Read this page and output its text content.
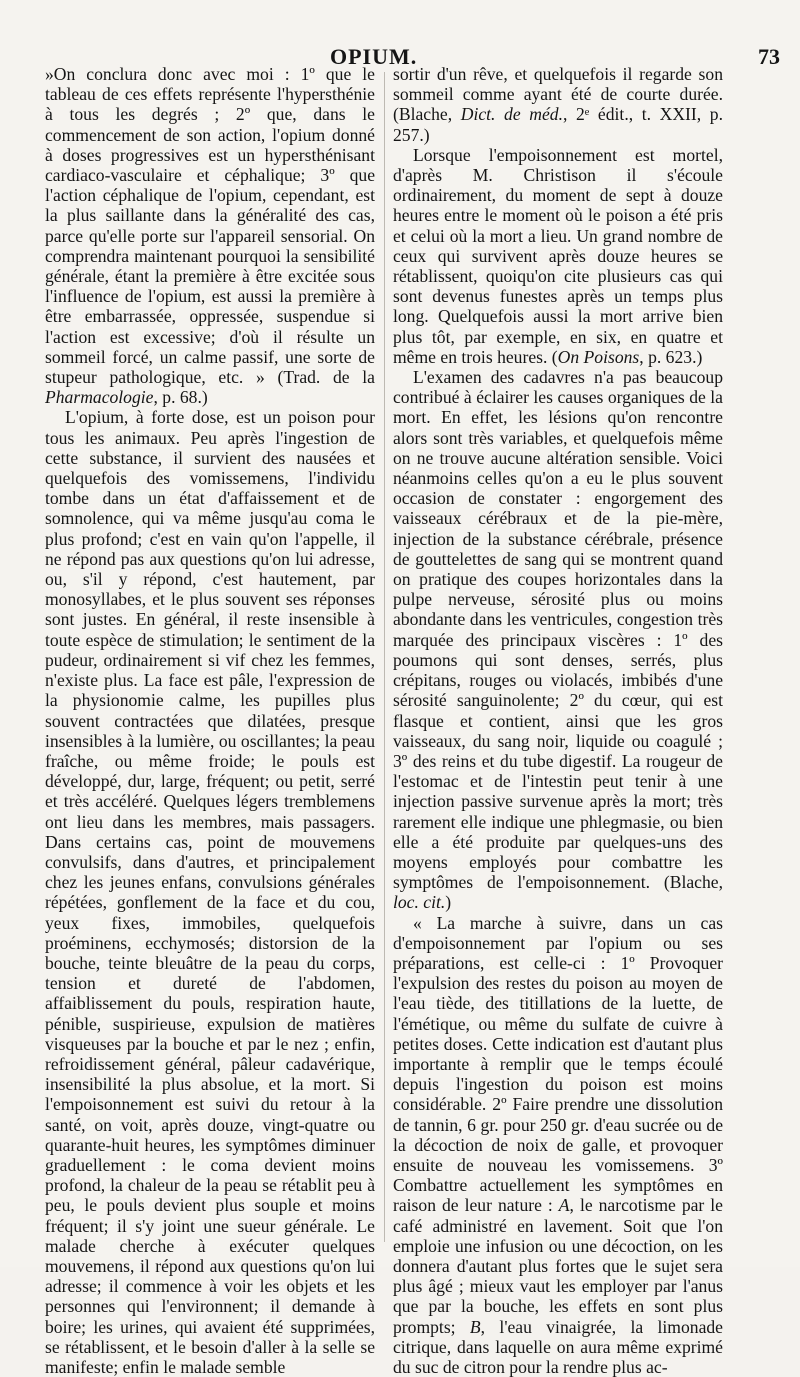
OPIUM.	73

»On conclura donc avec moi : 1º que le tableau de ces effets représente l'hypersthénie à tous les degrés ; 2º que, dans le commencement de son action, l'opium donné à doses progressives est un hypersthénisant cardiaco-vasculaire et céphalique; 3º que l'action céphalique de l'opium, cependant, est la plus saillante dans la généralité des cas, parce qu'elle porte sur l'appareil sensorial. On comprendra maintenant pourquoi la sensibilité générale, étant la première à être excitée sous l'influence de l'opium, est aussi la première à être embarrassée, oppressée, suspendue si l'action est excessive; d'où il résulte un sommeil forcé, un calme passif, une sorte de stupeur pathologique, etc. » (Trad. de la Pharmacologie, p. 68.)

L'opium, à forte dose, est un poison pour tous les animaux. Peu après l'ingestion de cette substance, il survient des nausées et quelquefois des vomissemens, l'individu tombe dans un état d'affaissement et de somnolence, qui va même jusqu'au coma le plus profond; c'est en vain qu'on l'appelle, il ne répond pas aux questions qu'on lui adresse, ou, s'il y répond, c'est hautement, par monosyllabes, et le plus souvent ses réponses sont justes. En général, il reste insensible à toute espèce de stimulation; le sentiment de la pudeur, ordinairement si vif chez les femmes, n'existe plus. La face est pâle, l'expression de la physionomie calme, les pupilles plus souvent contractées que dilatées, presque insensibles à la lumière, ou oscillantes; la peau fraîche, ou même froide; le pouls est développé, dur, large, fréquent; ou petit, serré et très accéléré. Quelques légers tremblemens ont lieu dans les membres, mais passagers. Dans certains cas, point de mouvemens convulsifs, dans d'autres, et principalement chez les jeunes enfans, convulsions générales répétées, gonflement de la face et du cou, yeux fixes, immobiles, quelquefois proéminens, ecchymosés; distorsion de la bouche, teinte bleuâtre de la peau du corps, tension et dureté de l'abdomen, affaiblissement du pouls, respiration haute, pénible, suspirieuse, expulsion de matières visqueuses par la bouche et par le nez ; enfin, refroidissement général, pâleur cadavérique, insensibilité la plus absolue, et la mort. Si l'empoisonnement est suivi du retour à la santé, on voit, après douze, vingt-quatre ou quarante-huit heures, les symptômes diminuer graduellement : le coma devient moins profond, la chaleur de la peau se rétablit peu à peu, le pouls devient plus souple et moins fréquent; il s'y joint une sueur générale. Le malade cherche à exécuter quelques mouvemens, il répond aux questions qu'on lui adresse; il commence à voir les objets et les personnes qui l'environnent; il demande à boire; les urines, qui avaient été supprimées, se rétablissent, et le besoin d'aller à la selle se manifeste; enfin le malade semble

sortir d'un rêve, et quelquefois il regarde son sommeil comme ayant été de courte durée. (Blache, Dict. de méd., 2ᵉ édit., t. XXII, p. 257.)

Lorsque l'empoisonnement est mortel, d'après M. Christison il s'écoule ordinairement, du moment de sept à douze heures entre le moment où le poison a été pris et celui où la mort a lieu. Un grand nombre de ceux qui survivent après douze heures se rétablissent, quoiqu'on cite plusieurs cas qui sont devenus funestes après un temps plus long. Quelquefois aussi la mort arrive bien plus tôt, par exemple, en six, en quatre et même en trois heures. (On Poisons, p. 623.)

L'examen des cadavres n'a pas beaucoup contribué à éclairer les causes organiques de la mort. En effet, les lésions qu'on rencontre alors sont très variables, et quelquefois même on ne trouve aucune altération sensible. Voici néanmoins celles qu'on a eu le plus souvent occasion de constater : engorgement des vaisseaux cérébraux et de la pie-mère, injection de la substance cérébrale, présence de gouttelettes de sang qui se montrent quand on pratique des coupes horizontales dans la pulpe nerveuse, sérosité plus ou moins abondante dans les ventricules, congestion très marquée des principaux viscères : 1º des poumons qui sont denses, serrés, plus crépitans, rouges ou violacés, imbibés d'une sérosité sanguinolente; 2º du cœur, qui est flasque et contient, ainsi que les gros vaisseaux, du sang noir, liquide ou coagulé ; 3º des reins et du tube digestif. La rougeur de l'estomac et de l'intestin peut tenir à une injection passive survenue après la mort; très rarement elle indique une phlegmasie, ou bien elle a été produite par quelques-uns des moyens employés pour combattre les symptômes de l'empoisonnement. (Blache, loc. cit.)

« La marche à suivre, dans un cas d'empoisonnement par l'opium ou ses préparations, est celle-ci : 1º Provoquer l'expulsion des restes du poison au moyen de l'eau tiède, des titillations de la luette, de l'émétique, ou même du sulfate de cuivre à petites doses. Cette indication est d'autant plus importante à remplir que le temps écoulé depuis l'ingestion du poison est moins considérable. 2º Faire prendre une dissolution de tannin, 6 gr. pour 250 gr. d'eau sucrée ou de la décoction de noix de galle, et provoquer ensuite de nouveau les vomissemens. 3º Combattre actuellement les symptômes en raison de leur nature : A, le narcotisme par le café administré en lavement. Soit que l'on emploie une infusion ou une décoction, on les donnera d'autant plus fortes que le sujet sera plus âgé ; mieux vaut les employer par l'anus que par la bouche, les effets en sont plus prompts; B, l'eau vinaigrée, la limonade citrique, dans laquelle on aura même exprimé du suc de citron pour la rendre plus ac-
